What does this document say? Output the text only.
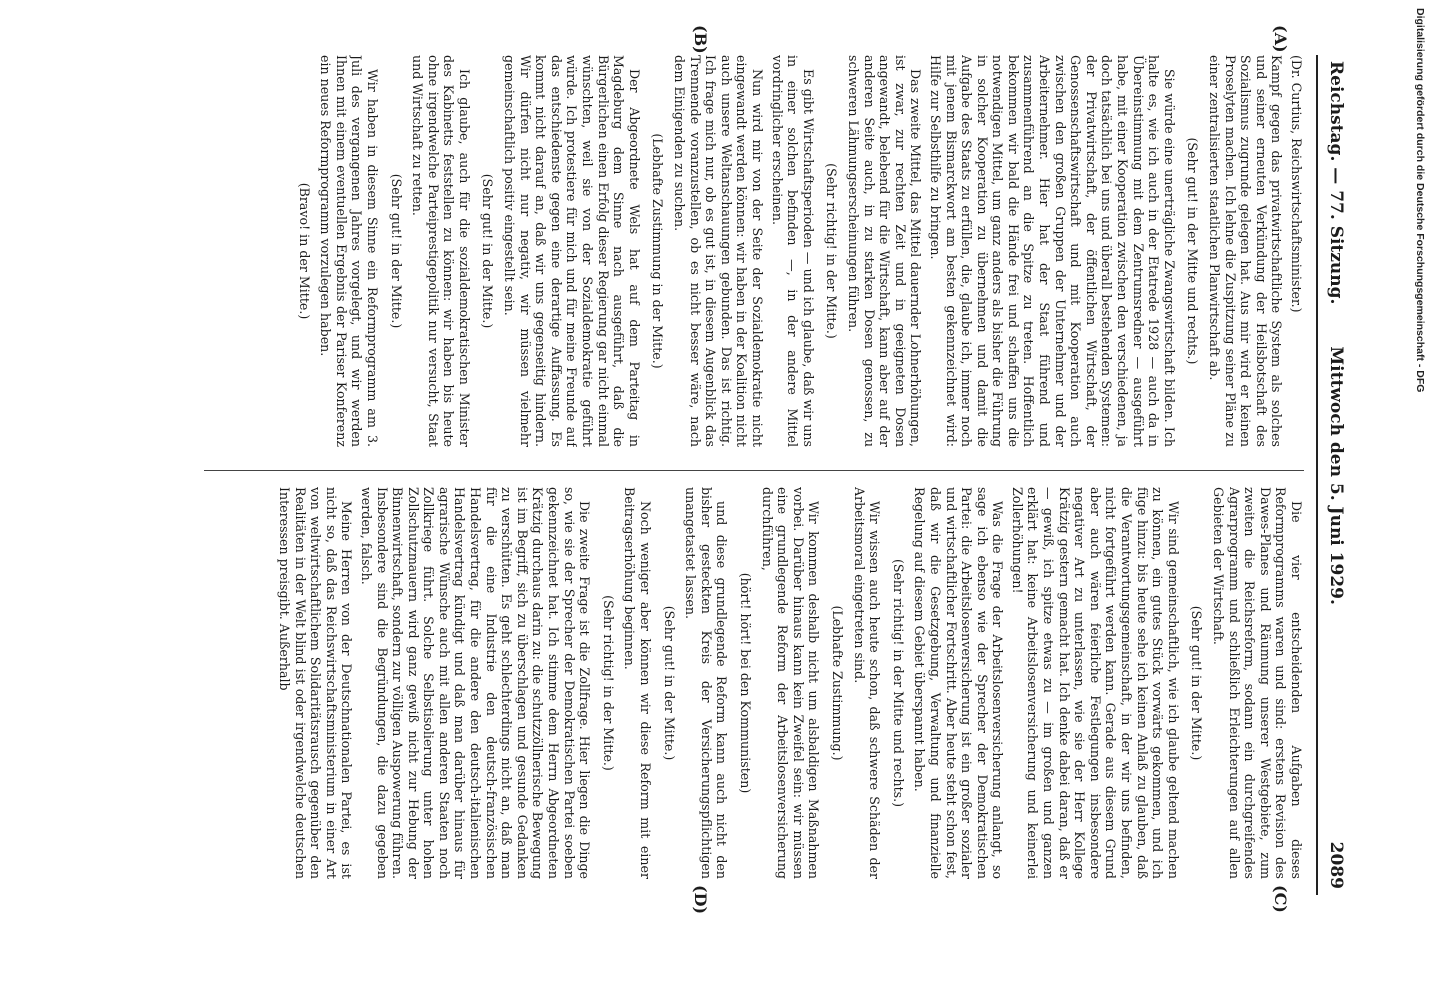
Reichstag. — 77. Sitzung.
Mittwoch den 5. Juni 1929.                                        2089
(A)
(B)
(C)
(D)

(Dr. Curtius, Reichswirtschaftsminister.)

Kampf gegen das privatwirtschaftliche System als solches und seiner erneuten Verkündung der Heilsbotschaft des Sozialismus zugrunde gelegen hat. Aus mir wird er keinen Proselyten machen. Ich lehne die Zuspitzung seiner Pläne zu einer zentralisierten staatlichen Planwirtschaft ab.

(Sehr gut! in der Mitte und rechts.)

Sie würde eine unerträgliche Zwangswirtschaft bilden. Ich halte es, wie ich auch in der Etatrede 1928 — auch da in Übereinstimmung mit dem Zentrumsredner — ausgeführt habe, mit einer Kooperation zwischen den verschiedenen, ja doch tatsächlich bei uns und überall bestehenden Systemen: der Privatwirtschaft, der öffentlichen Wirtschaft, der Genossenschaftswirtschaft und mit Kooperation auch zwischen den großen Gruppen der Unternehmer und der Arbeiternehmer. Hier hat der Staat führend und zusammenführend an die Spitze zu treten. Hoffentlich bekommen wir bald die Hände frei und schaffen uns die notwendigen Mittel, um ganz anders als bisher die Führung in solcher Kooperation zu übernehmen und damit die Aufgabe des Staats zu erfüllen, die, glaube ich, immer noch mit jenem Bismarckwort am besten gekennzeichnet wird: Hilfe zur Selbsthilfe zu bringen.

Das zweite Mittel, das Mittel dauernder Lohnerhöhungen, ist zwar, zur rechten Zeit und in geeigneten Dosen angewandt, belebend für die Wirtschaft, kann aber auf der anderen Seite auch, in zu starken Dosen genossen, zu schweren Lähmungserscheinungen führen.

(Sehr richtig! in der Mitte.)

Es gibt Wirtschaftsperioden — und ich glaube, daß wir uns in einer solchen befinden —, in der andere Mittel vordringlicher erscheinen.

Nun wird mir von der Seite der Sozialdemokratie nicht eingewandt werden können: wir haben in der Koalition nicht auch unsere Weltanschauungen gebunden. Das ist richtig. Ich frage mich nur, ob es gut ist, in diesem Augenblick das Trennende voranzustellen, ob es nicht besser wäre, nach dem Einigenden zu suchen.

(Lebhafte Zustimmung in der Mitte.)

Der Abgeordnete Wels hat auf dem Parteitag in Magdeburg dem Sinne nach ausgeführt, daß die Bürgerlichen einen Erfolg dieser Regierung gar nicht einmal wünschten, weil sie von der Sozialdemokratie geführt würde. Ich protestiere für mich und für meine Freunde auf das entschiedenste gegen eine derartige Auffassung. Es kommt nicht darauf an, daß wir uns gegenseitig hindern. Wir dürfen nicht nur negativ, wir müssen vielmehr gemeinschaftlich positiv eingestellt sein.

(Sehr gut! in der Mitte.)

Ich glaube, auch für die sozialdemokratischen Minister des Kabinetts feststellen zu können: wir haben bis heute ohne irgendwelche Parteiprestigepolitik nur versucht, Staat und Wirtschaft zu retten.

(Sehr gut! in der Mitte.)

Wir haben in diesem Sinne ein Reformprogramm am 3. Juli des vergangenen Jahres vorgelegt, und wir werden Ihnen mit einem eventuellen Ergebnis der Pariser Konferenz ein neues Reformprogramm vorzulegen haben.

(Bravo! in der Mitte.)

Die vier entscheidenden Aufgaben dieses Reformprogramms waren und sind: erstens Revision des Dawes-Planes und Räumung unserer Westgebiete, zum zweiten die Reichsreform, sodann ein durchgreifendes Agrarprogramm und schließlich Erleichterungen auf allen Gebieten der Wirtschaft.

(Sehr gut! in der Mitte.)

Wir sind gemeinschaftlich, wie ich glaube geltend machen zu können, ein gutes Stück vorwärts gekommen, und ich füge hinzu: bis heute sehe ich keinen Anlaß zu glauben, daß die Verantwortungsgemeinschaft, in der wir uns befinden, nicht fortgeführt werden kann. Gerade aus diesem Grund aber auch wären feierliche Festlegungen insbesondere negativer Art zu unterlassen, wie sie der Herr Kollege Krätzig gestern gemacht hat. Ich denke dabei daran, daß er — gewiß, ich spitze etwas zu — im großen und ganzen erklärt hat: keine Arbeitslosenversicherung und keinerlei Zollerhöhungen!

Was die Frage der Arbeitslosenversicherung anlangt, so sage ich ebenso wie der Sprecher der Demokratischen Partei: die Arbeitslosenversicherung ist ein großer sozialer und wirtschaftlicher Fortschritt. Aber heute steht schon fest, daß wir die Gesetzgebung, Verwaltung und finanzielle Regelung auf diesem Gebiet überspannt haben.

(Sehr richtig! in der Mitte und rechts.)

Wir wissen auch heute schon, daß schwere Schäden der Arbeitsmoral eingetreten sind.

(Lebhafte Zustimmung.)

Wir kommen deshalb nicht um alsbaldigen Maßnahmen vorbei. Darüber hinaus kann kein Zweifel sein: wir müssen eine grundlegende Reform der Arbeitslosenversicherung durchführen,

(hört! hört! bei den Kommunisten)

und diese grundlegende Reform kann auch nicht den bisher gesteckten Kreis der Versicherungspflichtigen unangetastet lassen.

(Sehr gut! in der Mitte.)

Noch weniger aber können wir diese Reform mit einer Beitragserhöhung beginnen.

(Sehr richtig! in der Mitte.)

Die zweite Frage ist die Zollfrage. Hier liegen die Dinge so, wie sie der Sprecher der Demokratischen Partei soeben gekennzeichnet hat. Ich stimme dem Herrn Abgeordneten Krätzig durchaus darin zu: die schutzzöllnerische Bewegung ist im Begriff, sich zu überschlagen und gesunde Gedanken zu verschütten. Es geht schlechterdings nicht an, daß man für die eine Industrie den deutsch-französischen Handelsvertrag, für die andere den deutsch-italienischen Handelsvertrag kündigt und daß man darüber hinaus für agrarische Wünsche auch mit allen anderen Staaten noch Zollkriege führt. Solche Selbstisolierung unter hohen Zollschutzmauern wird ganz gewiß nicht zur Hebung der Binnenwirtschaft, sondern zur völligen Auspowerung führen. Insbesondere sind die Begründungen, die dazu gegeben werden, falsch.

Meine Herren von der Deutschnationalen Partei, es ist nicht so, daß das Reichswirtschaftsministerium in einer Art von weltwirtschaftlichem Solidaritätsrausch gegenüber den Realitäten in der Welt blind ist oder irgendwelche deutschen Interessen preisgibt. Außerhalb

Digitalisierung gefördert durch die Deutsche Forschungsgemeinschaft - DFG
